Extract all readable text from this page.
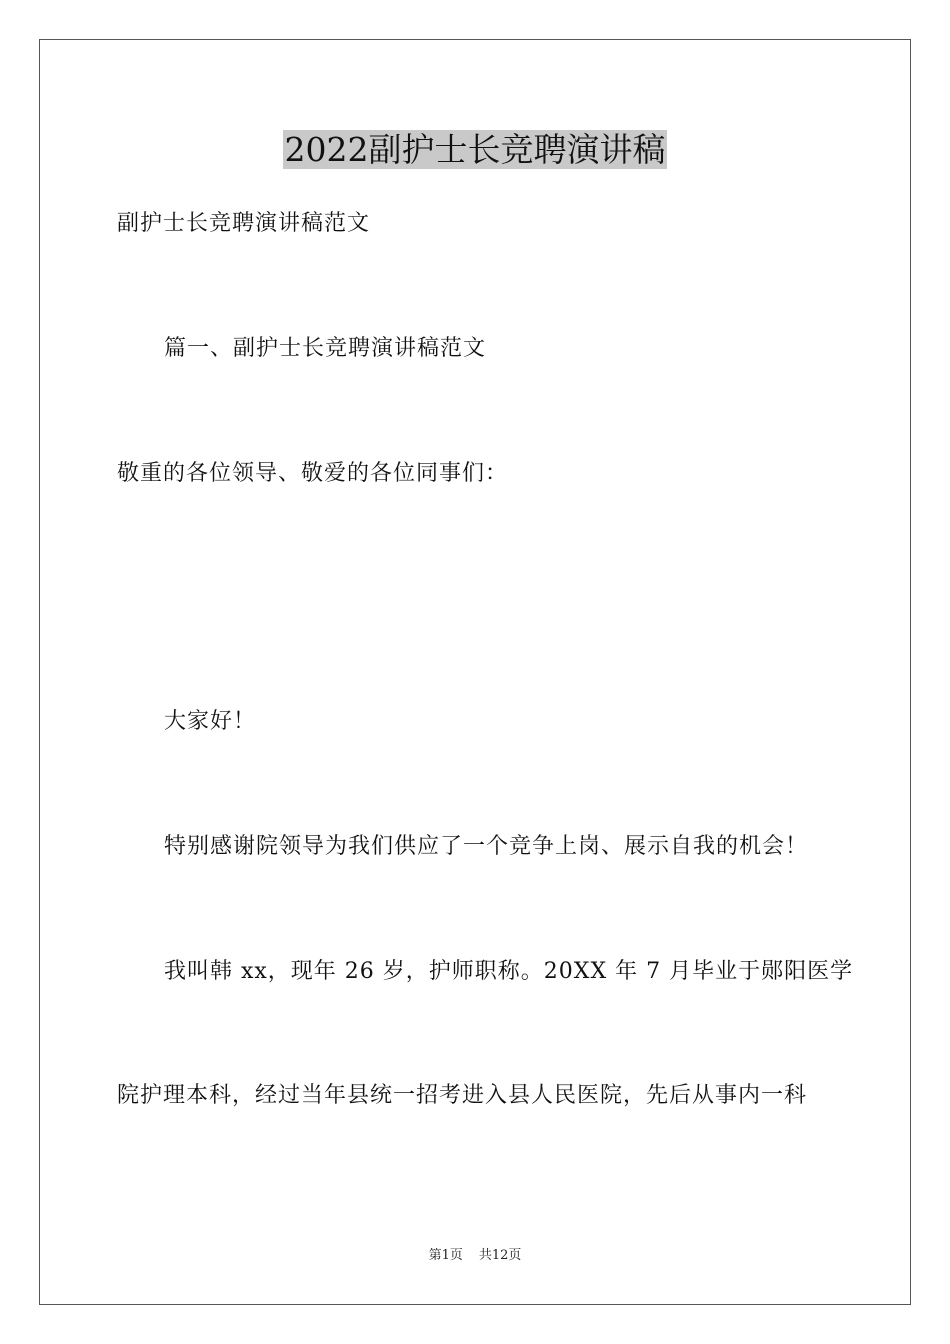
2022副护士长竞聘演讲稿

副护士长竞聘演讲稿范文

篇一、副护士长竞聘演讲稿范文

敬重的各位领导、敬爱的各位同事们：

大家好！

特别感谢院领导为我们供应了一个竞争上岗、展示自我的机会！

我叫韩 xx，现年 26 岁，护师职称。20XX 年 7 月毕业于郧阳医学

院护理本科，经过当年县统一招考进入县人民医院，先后从事内一科

第1页 共12页
